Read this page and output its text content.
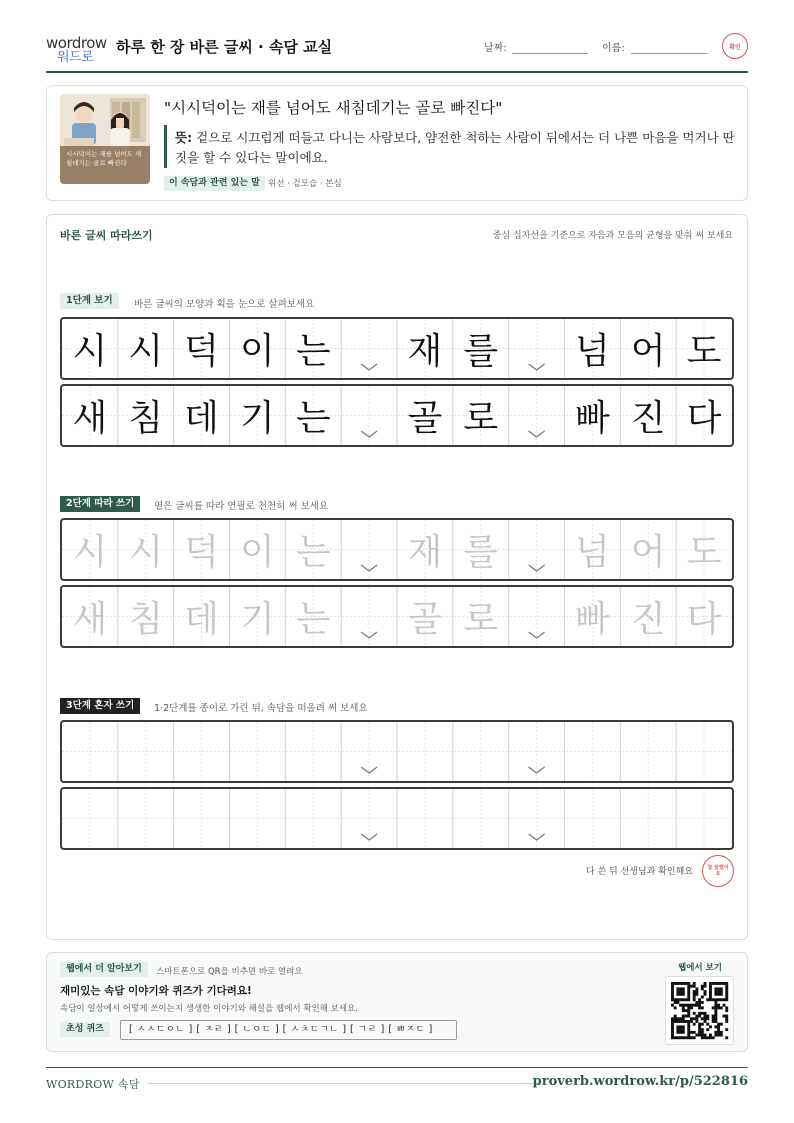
wordrow
워드로
하루 한 장 바른 글씨 · 속담 교실	날짜:	이름:	확인
시시덕이는 재를 넘어도 새침데기는 골로 빠진다
"시시덕이는 재를 넘어도 새침데기는 골로 빠진다"
뜻: 겉으로 시끄럽게 떠들고 다니는 사람보다, 얌전한 척하는 사람이 뒤에서는 더 나쁜 마음을 먹거나 딴짓을 할 수 있다는 말이에요.
이 속담과 관련 있는 말 위선 · 겉모습 · 본심
바른 글씨 따라쓰기	중심 십자선을 기준으로 자음과 모음의 균형을 맞춰 써 보세요
1단계 보기	바른 글씨의 모양과 획을 눈으로 살펴보세요
시 시 덕 이 는 재 를 넘 어 도
새 침 데 기 는 골 로 빠 진 다
2단계 따라 쓰기	옅은 글씨를 따라 연필로 천천히 써 보세요
시 시 덕 이 는 재 를 넘 어 도
새 침 데 기 는 골 로 빠 진 다
3단계 혼자 쓰기	1·2단계를 종이로 가린 뒤, 속담을 떠올려 써 보세요
다 쓴 뒤 선생님과 확인해요	참 잘했어요
웹에서 더 알아보기	스마트폰으로 QR을 비추면 바로 열려요
재미있는 속담 이야기와 퀴즈가 기다려요!
속담이 일상에서 어떻게 쓰이는지 생생한 이야기와 해설을 웹에서 확인해 보세요.
초성 퀴즈	[ ㅅㅅㄷㅇㄴ ] [ ㅈㄹ ] [ ㄴㅇㄷ ] [ ㅅㅊㄷㄱㄴ ] [ ㄱㄹ ] [ ㅃㅈㄷ ]
웹에서 보기
WORDROW 속담	proverb.wordrow.kr/p/522816
